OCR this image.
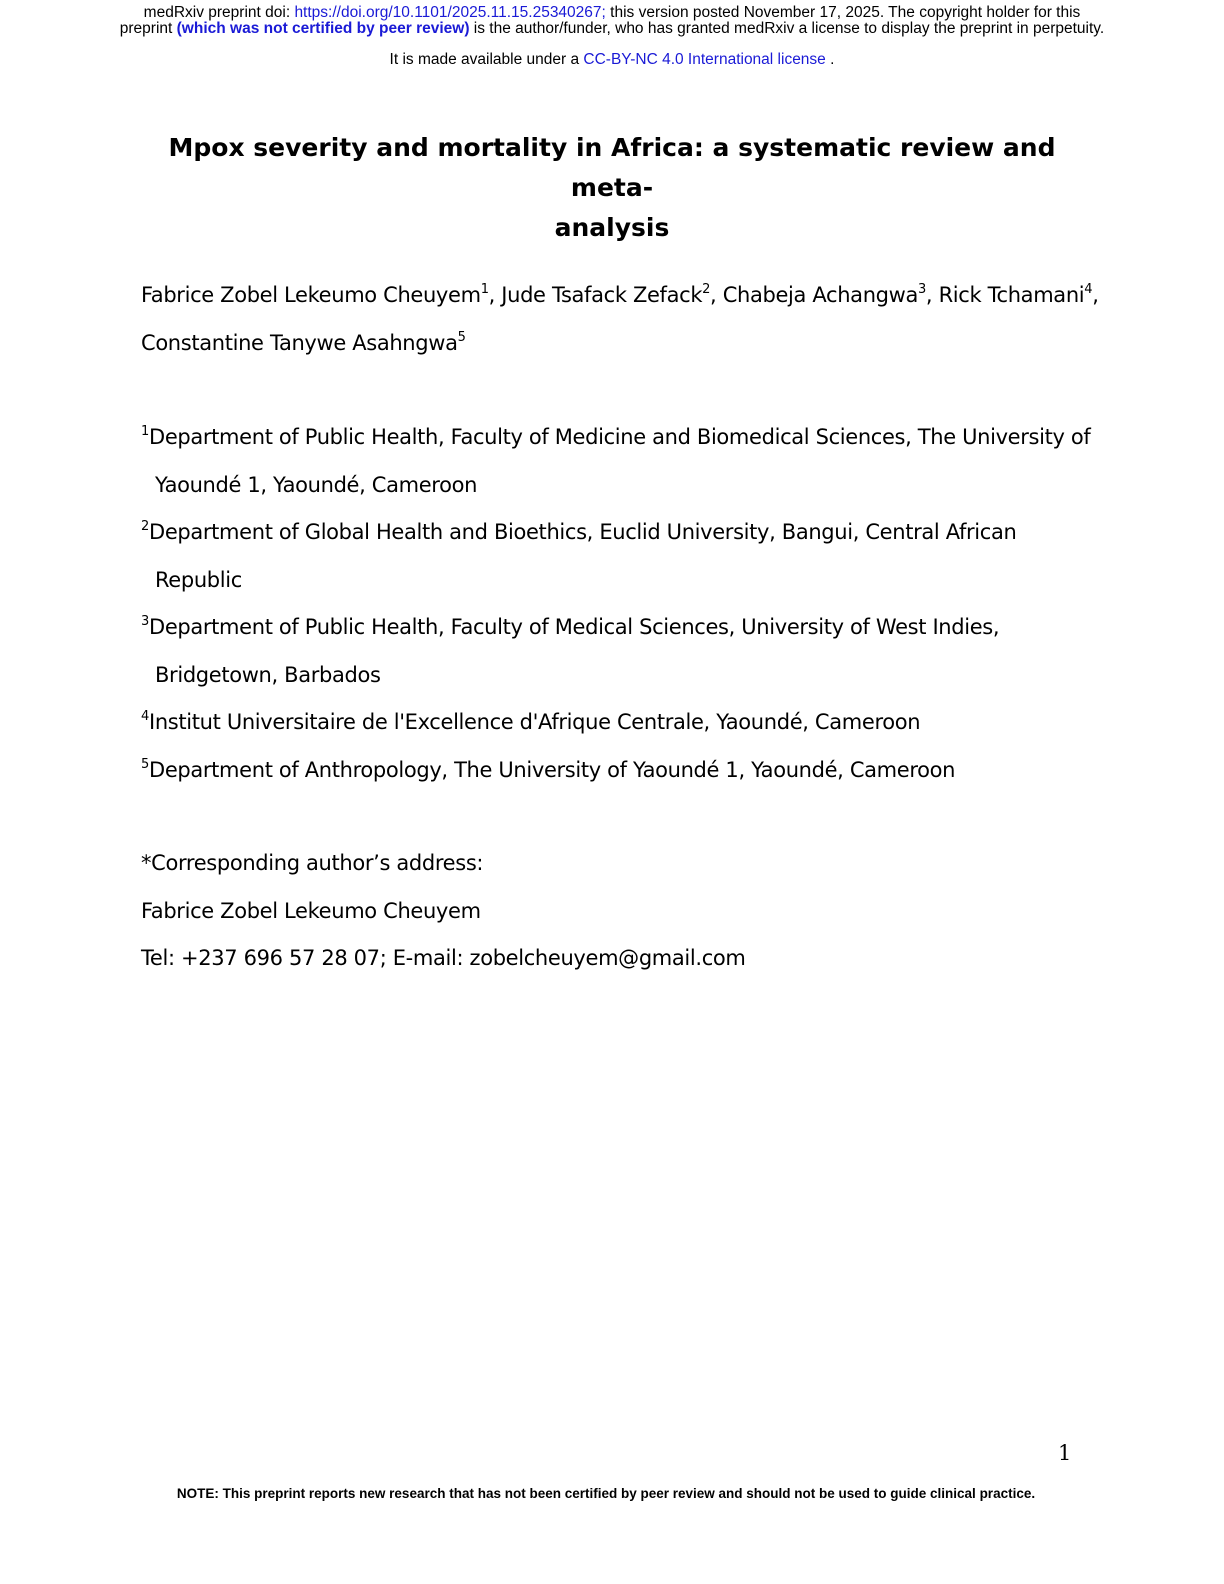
medRxiv preprint doi: https://doi.org/10.1101/2025.11.15.25340267; this version posted November 17, 2025. The copyright holder for this
preprint (which was not certified by peer review) is the author/funder, who has granted medRxiv a license to display the preprint in perpetuity.
It is made available under a CC-BY-NC 4.0 International license .
Mpox severity and mortality in Africa: a systematic review and meta-
analysis
Fabrice Zobel Lekeumo Cheuyem$^1$, Jude Tsafack Zefack$^2$, Chabeja Achangwa$^3$, Rick Tchamani$^4$, Constantine Tanywe Asahngwa$^5$
$^1$Department of Public Health, Faculty of Medicine and Biomedical Sciences, The University of Yaoundé 1, Yaoundé, Cameroon
$^2$Department of Global Health and Bioethics, Euclid University, Bangui, Central African Republic
$^3$Department of Public Health, Faculty of Medical Sciences, University of West Indies, Bridgetown, Barbados
$^4$Institut Universitaire de l'Excellence d'Afrique Centrale, Yaoundé, Cameroon
$^5$Department of Anthropology, The University of Yaoundé 1, Yaoundé, Cameroon
*Corresponding author’s address:
Fabrice Zobel Lekeumo Cheuyem
Tel: +237 696 57 28 07; E-mail: zobelcheuyem@gmail.com
1
NOTE: This preprint reports new research that has not been certified by peer review and should not be used to guide clinical practice.
